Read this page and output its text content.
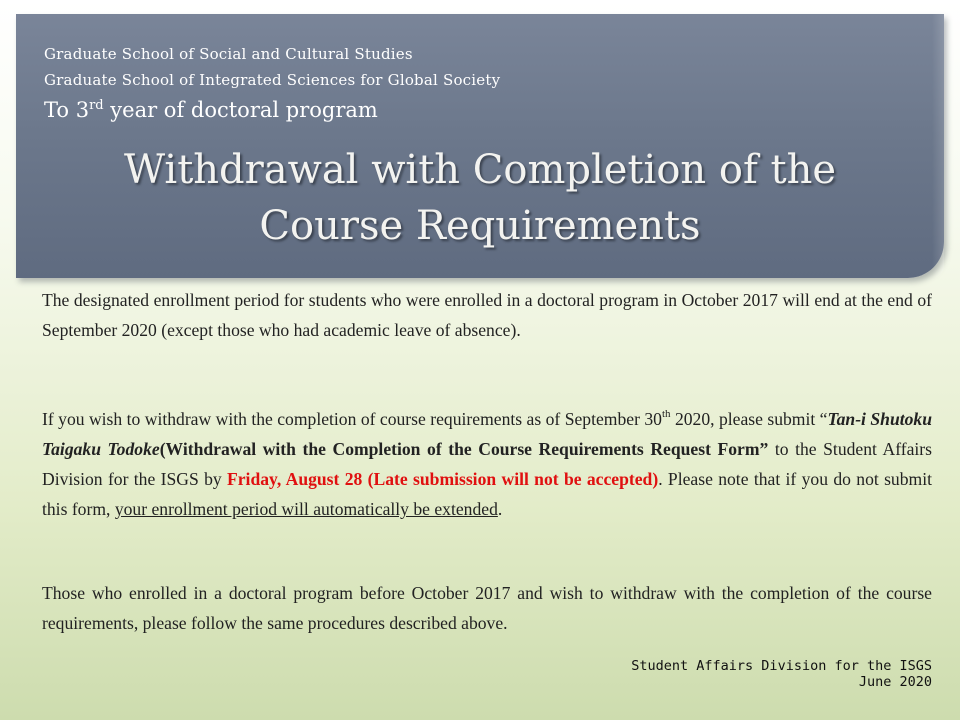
Graduate School of Social and Cultural Studies
Graduate School of Integrated Sciences for Global Society
To 3rd year of doctoral program
Withdrawal with Completion of the
Course Requirements
The designated enrollment period for students who were enrolled in a doctoral program in October 2017 will end at the end of September 2020 (except those who had academic leave of absence).
If you wish to withdraw with the completion of course requirements as of September 30th 2020, please submit “Tan-i Shutoku Taigaku Todoke(Withdrawal with the Completion of the Course Requirements Request Form” to the Student Affairs Division for the ISGS by Friday, August 28 (Late submission will not be accepted). Please note that if you do not submit this form, your enrollment period will automatically be extended.
Those who enrolled in a doctoral program before October 2017 and wish to withdraw with the completion of the course requirements, please follow the same procedures described above.
Student Affairs Division for the ISGS
June 2020
